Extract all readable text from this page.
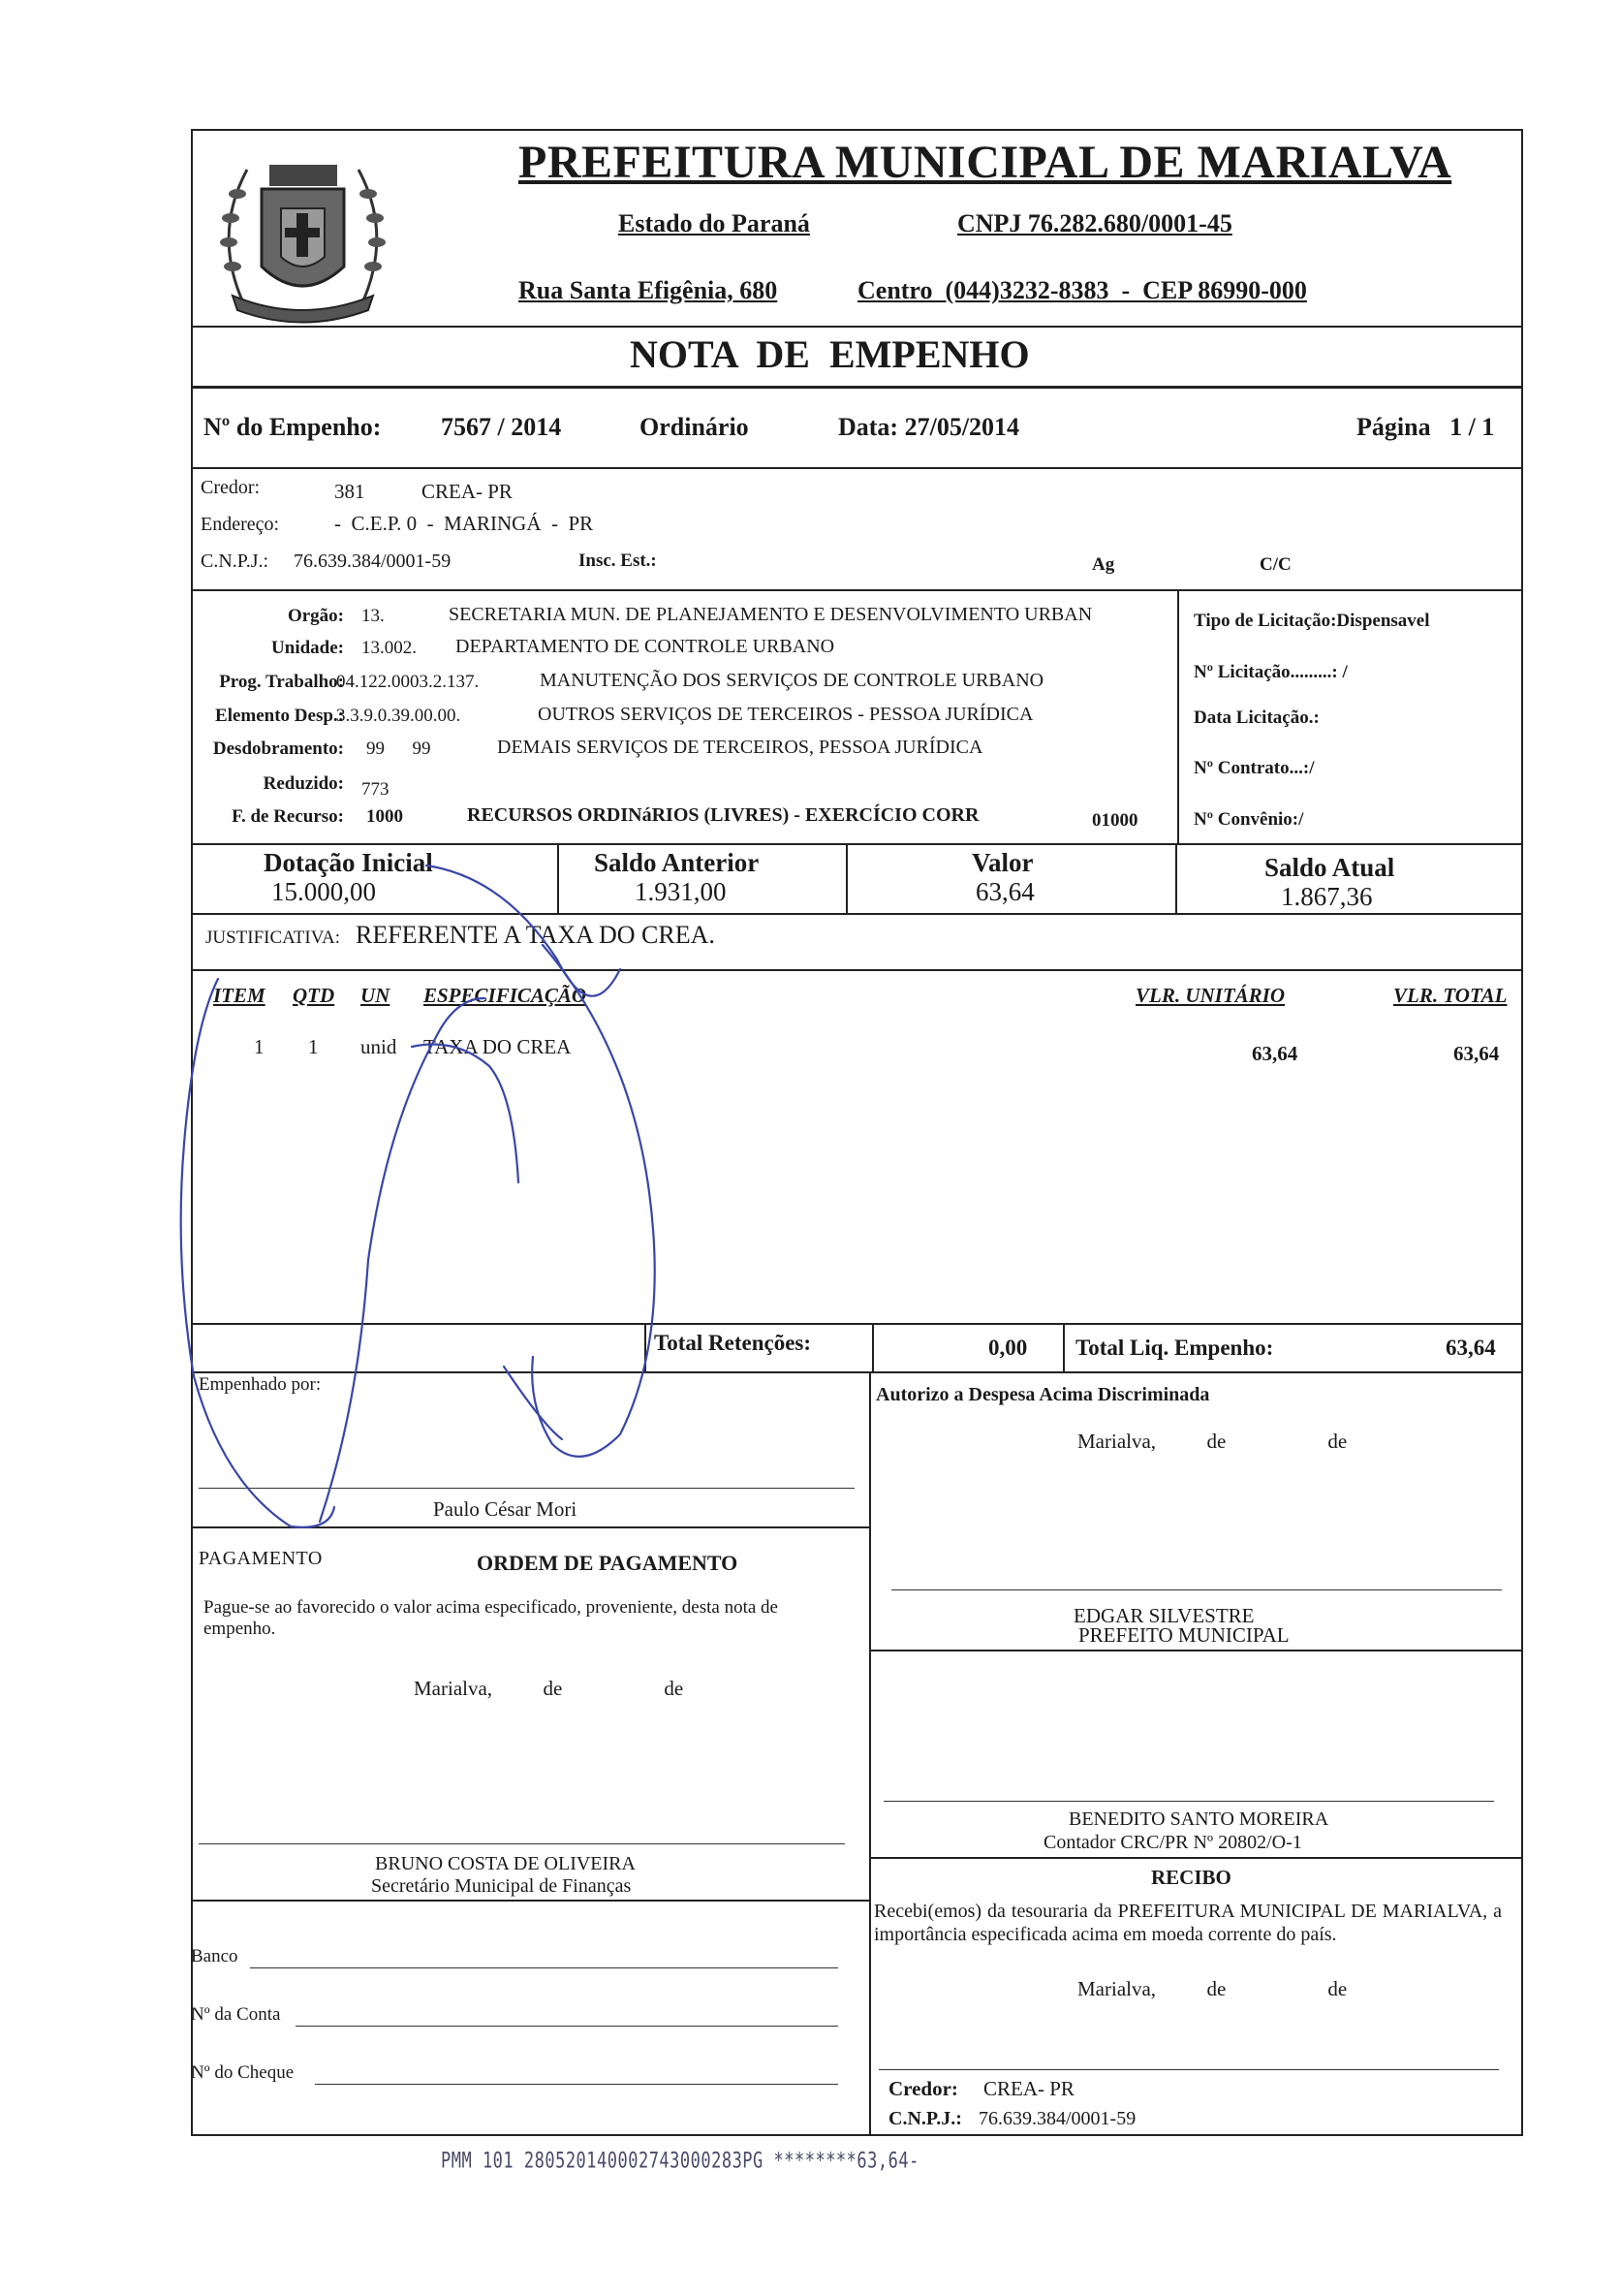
PREFEITURA MUNICIPAL DE MARIALVA
Estado do Paraná	CNPJ 76.282.680/0001-45
Rua Santa Efigênia, 680	Centro  (044)3232-8383  -  CEP 86990-000
NOTA  DE  EMPENHO
Nº do Empenho: 7567 / 2014	Ordinário	Data: 27/05/2014	Página   1 / 1
Credor:	381	CREA- PR
Endereço:	-  C.E.P. 0  -  MARINGÁ  -  PR
C.N.P.J.: 76.639.384/0001-59	Insc. Est.:	Ag	C/C
Orgão: 13.	SECRETARIA MUN. DE PLANEJAMENTO E DESENVOLVIMENTO URBAN
Unidade: 13.002. DEPARTAMENTO DE CONTROLE URBANO
Prog. Trabalho:
04.122.0003.2.137.	MANUTENÇÃO DOS SERVIÇOS DE CONTROLE URBANO
Elemento Desp.:
3.3.9.0.39.00.00.	OUTROS SERVIÇOS DE TERCEIROS - PESSOA JURÍDICA
Desdobramento: 99      99	DEMAIS SERVIÇOS DE TERCEIROS, PESSOA JURÍDICA
Reduzido: 773
F. de Recurso: 1000	RECURSOS ORDINáRIOS (LIVRES) - EXERCÍCIO CORR	01000
Tipo de Licitação:Dispensavel
Nº Licitação.........: /
Data Licitação.:
Nº Contrato...:/
Nº Convênio:/
Dotação Inicial
15.000,00
Saldo Anterior
1.931,00
Valor
63,64
Saldo Atual
1.867,36
JUSTIFICATIVA: REFERENTE A TAXA DO CREA.
ITEM QTD UN ESPECIFICAÇÃO	VLR. UNITÁRIO	VLR. TOTAL
1 1 unid TAXA DO CREA	63,64	63,64
Total Retenções:	0,00 Total Liq. Empenho:	63,64
Empenhado por:
Paulo César Mori
Autorizo a Despesa Acima Discriminada
Marialva,          de                    de
EDGAR SILVESTRE
PREFEITO MUNICIPAL
BENEDITO SANTO MOREIRA
Contador CRC/PR Nº 20802/O-1
PAGAMENTO	ORDEM DE PAGAMENTO
Pague-se ao favorecido o valor acima especificado, proveniente, desta nota de empenho.
Marialva,          de                    de
BRUNO COSTA DE OLIVEIRA
Secretário Municipal de Finanças
Banco
Nº da Conta
Nº do Cheque
RECIBO
Recebi(emos) da tesouraria da PREFEITURA MUNICIPAL DE MARIALVA, a importância especificada acima em moeda corrente do país.
Marialva,          de                    de
Credor: CREA- PR
C.N.P.J.: 76.639.384/0001-59
PMM 101 280520140002743000283PG ********63,64-
